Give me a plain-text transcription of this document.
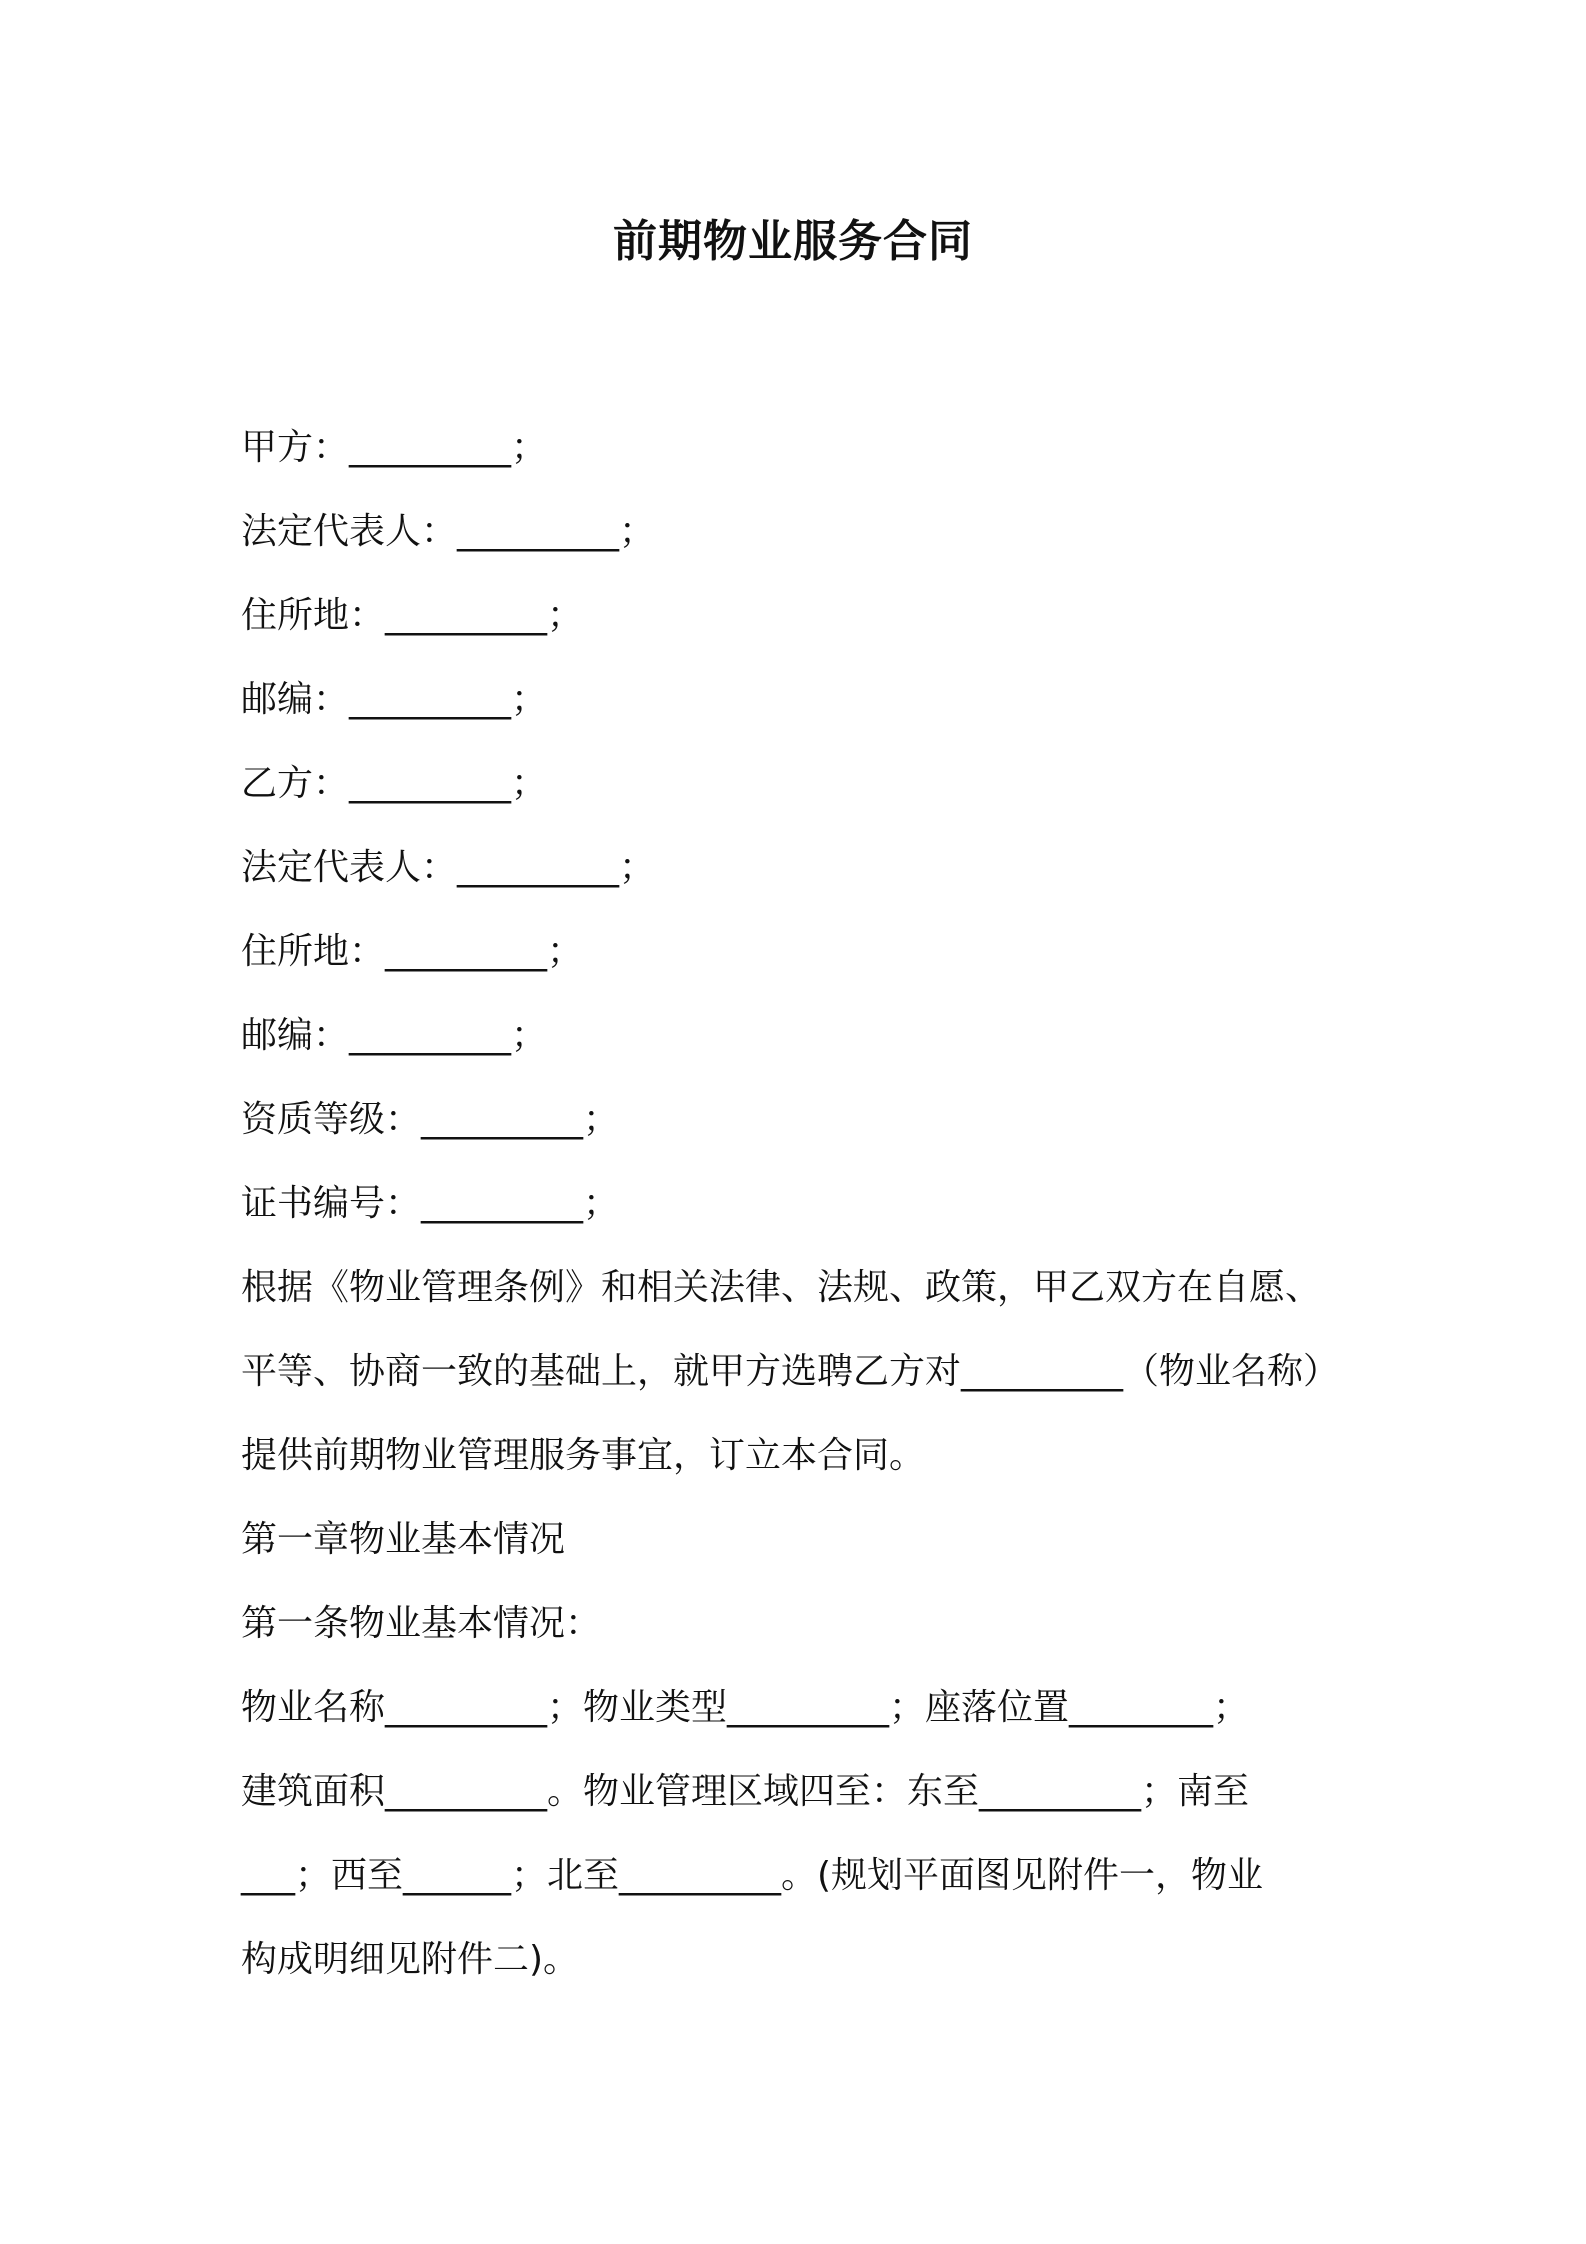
前期物业服务合同
甲方：_________；
法定代表人：_________；
住所地：_________；
邮编：_________；
乙方：_________；
法定代表人：_________；
住所地：_________；
邮编：_________；
资质等级：_________；
证书编号：_________；
根据《物业管理条例》和相关法律、法规、政策，甲乙双方在自愿、
平等、协商一致的基础上，就甲方选聘乙方对_________（物业名称）
提供前期物业管理服务事宜，订立本合同。
第一章物业基本情况
第一条物业基本情况：
物业名称_________；物业类型_________；座落位置________；
建筑面积_________。物业管理区域四至：东至_________；南至
___；西至______；北至_________。(规划平面图见附件一，物业
构成明细见附件二)。
